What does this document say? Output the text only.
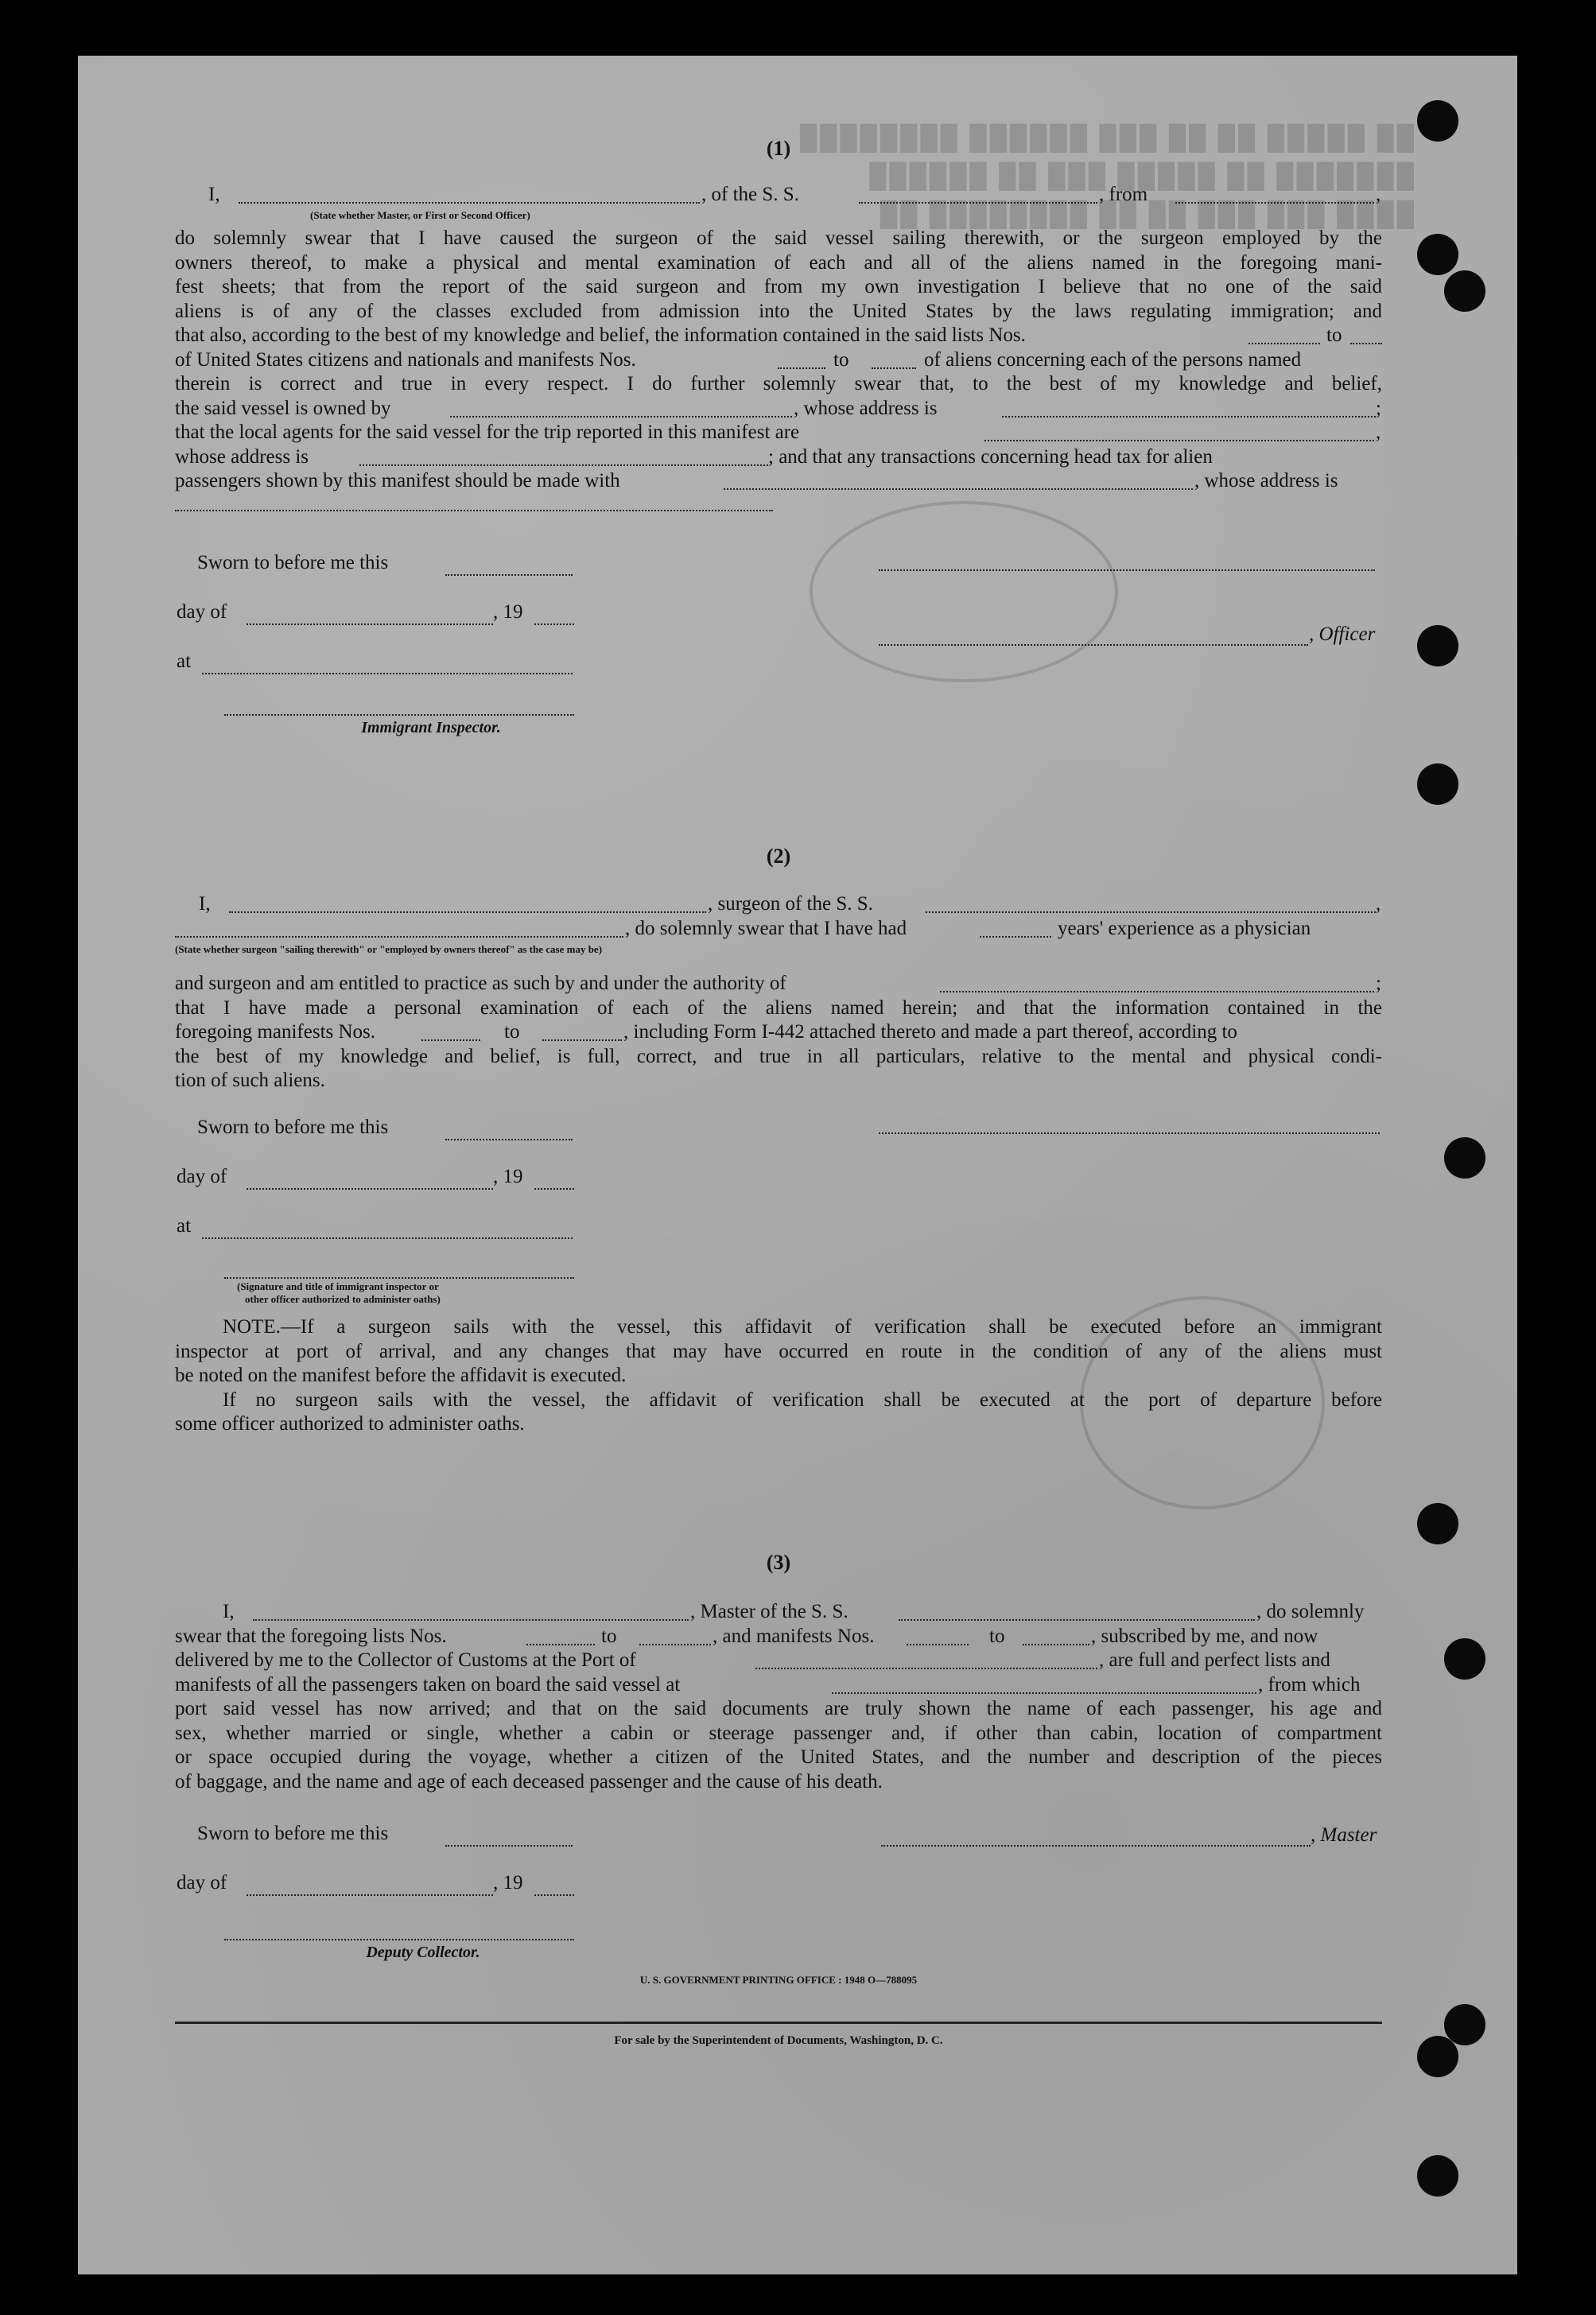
██ █████ ██ ██ ███ ██████ ████████
███████ ██ █████ ███ ██ ██████
████ ███ ███ ██ ██ ████████ ██
(1)
I,	, of the S. S.	, from	,
(State whether Master, or First or Second Officer)
do solemnly swear that I have caused the surgeon of the said vessel sailing therewith, or the surgeon employed by the
owners thereof, to make a physical and mental examination of each and all of the aliens named in the foregoing mani-
fest sheets; that from the report of the said surgeon and from my own investigation I believe that no one of the said
aliens is of any of the classes excluded from admission into the United States by the laws regulating immigration; and
that also, according to the best of my knowledge and belief, the information contained in the said lists Nos.	to
of United States citizens and nationals and manifests Nos.	to	of aliens concerning each of the persons named
therein is correct and true in every respect. I do further solemnly swear that, to the best of my knowledge and belief,
the said vessel is owned by	, whose address is	;
that the local agents for the said vessel for the trip reported in this manifest are	,
whose address is	; and that any transactions concerning head tax for alien
passengers shown by this manifest should be made with	, whose address is
Sworn to before me this
day of	, 19
at
Immigrant Inspector.
, Officer
(2)
I,	, surgeon of the S. S.	,
, do solemnly swear that I have had	years' experience as a physician
(State whether surgeon "sailing therewith" or "employed by owners thereof" as the case may be)
and surgeon and am entitled to practice as such by and under the authority of	;
that I have made a personal examination of each of the aliens named herein; and that the information contained in the
foregoing manifests Nos.	to	, including Form I-442 attached thereto and made a part thereof, according to
the best of my knowledge and belief, is full, correct, and true in all particulars, relative to the mental and physical condi-
tion of such aliens.
Sworn to before me this
day of	, 19
at
(Signature and title of immigrant inspector or
other officer authorized to administer oaths)
NOTE.—If a surgeon sails with the vessel, this affidavit of verification shall be executed before an immigrant
inspector at port of arrival, and any changes that may have occurred en route in the condition of any of the aliens must
be noted on the manifest before the affidavit is executed.
If no surgeon sails with the vessel, the affidavit of verification shall be executed at the port of departure before
some officer authorized to administer oaths.
(3)
I,	, Master of the S. S.	, do solemnly
swear that the foregoing lists Nos.	to	, and manifests Nos.	to	, subscribed by me, and now
delivered by me to the Collector of Customs at the Port of	, are full and perfect lists and
manifests of all the passengers taken on board the said vessel at	, from which
port said vessel has now arrived; and that on the said documents are truly shown the name of each passenger, his age and
sex, whether married or single, whether a cabin or steerage passenger and, if other than cabin, location of compartment
or space occupied during the voyage, whether a citizen of the United States, and the number and description of the pieces
of baggage, and the name and age of each deceased passenger and the cause of his death.
Sworn to before me this
day of	, 19
, Master
Deputy Collector.
U. S. GOVERNMENT PRINTING OFFICE : 1948 O—788095
For sale by the Superintendent of Documents, Washington, D. C.
